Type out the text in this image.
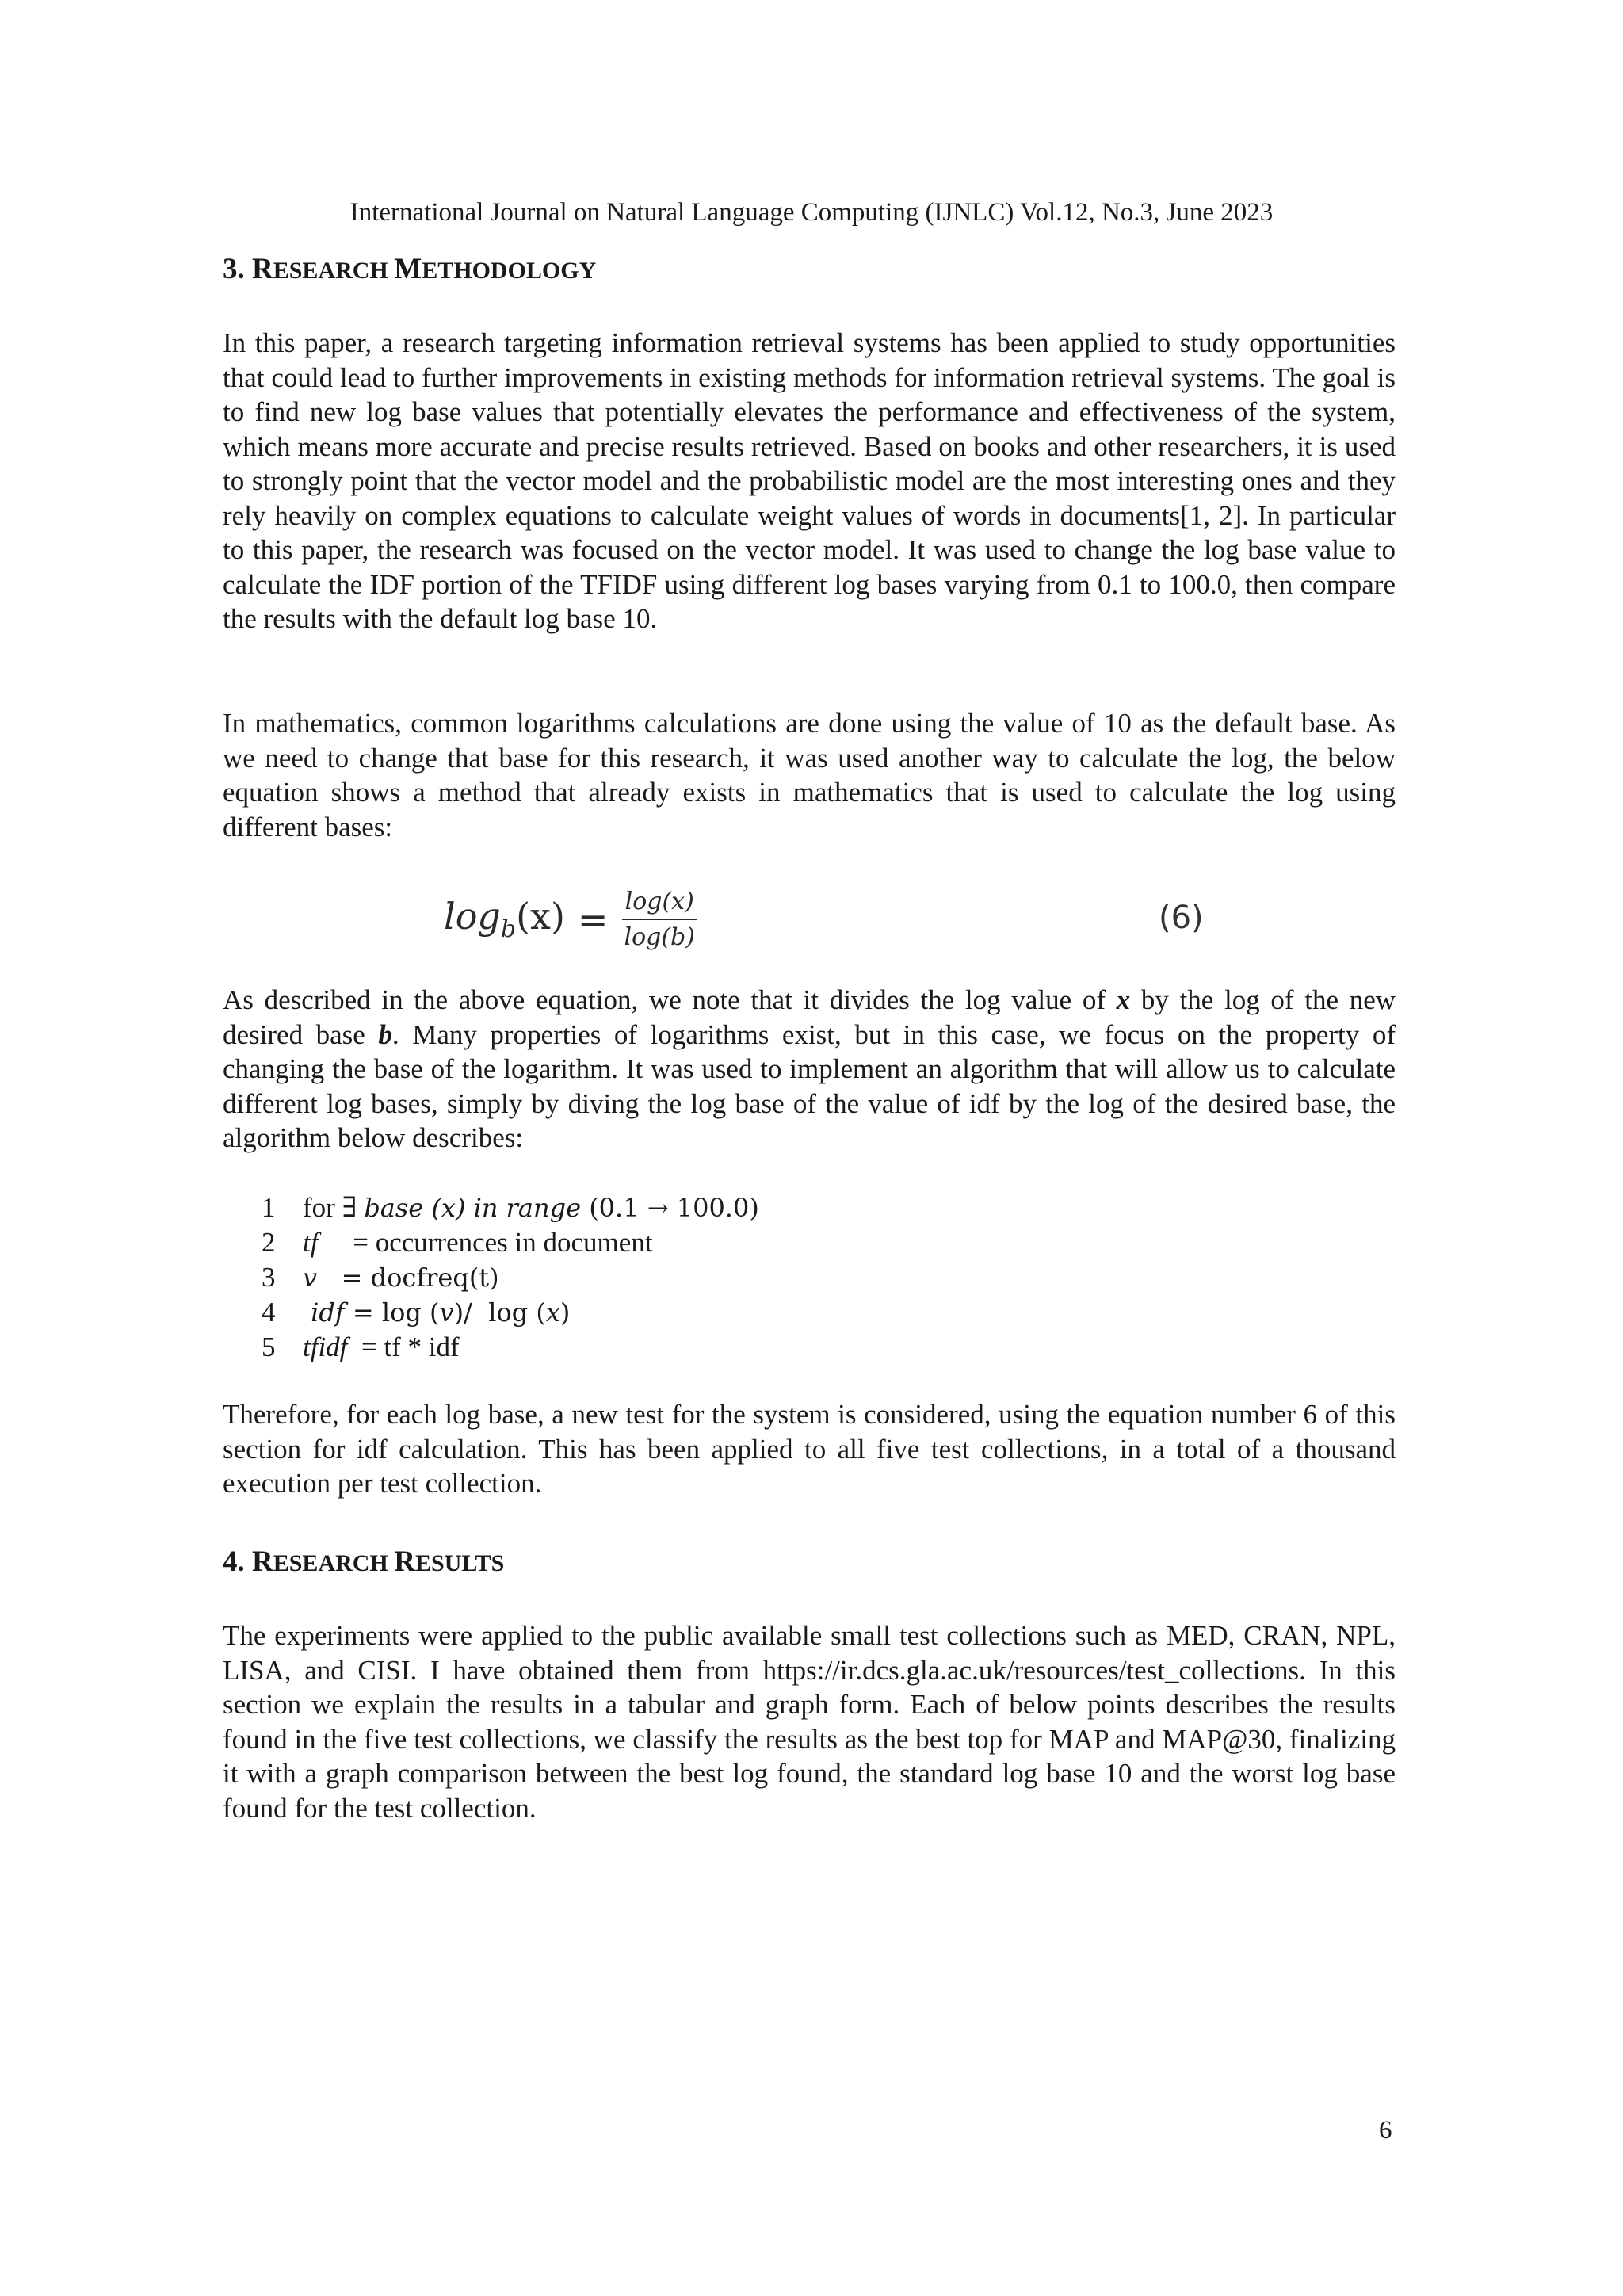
International Journal on Natural Language Computing (IJNLC) Vol.12, No.3, June 2023
3. RESEARCH METHODOLOGY

In this paper, a research targeting information retrieval systems has been applied to study opportunities that could lead to further improvements in existing methods for information retrieval systems. The goal is to find new log base values that potentially elevates the performance and effectiveness of the system, which means more accurate and precise results retrieved. Based on books and other researchers, it is used to strongly point that the vector model and the probabilistic model are the most interesting ones and they rely heavily on complex equations to calculate weight values of words in documents[1, 2]. In particular to this paper, the research was focused on the vector model. It was used to change the log base value to calculate the IDF portion of the TFIDF using different log bases varying from 0.1 to 100.0, then compare the results with the default log base 10.

In mathematics, common logarithms calculations are done using the value of 10 as the default base. As we need to change that base for this research, it was used another way to calculate the log, the below equation shows a method that already exists in mathematics that is used to calculate the log using different bases:

$\log_b(x) = \frac{\log(x)}{\log(b)}$	(6)

As described in the above equation, we note that it divides the log value of x by the log of the new desired base b. Many properties of logarithms exist, but in this case, we focus on the property of changing the base of the logarithm. It was used to implement an algorithm that will allow us to calculate different log bases, simply by diving the log base of the value of idf by the log of the desired base, the algorithm below describes:

1 for ∃ base (x) in range (0.1 → 100.0)
2 tf = occurrences in document
3	v   = docfreq(t)
4	idf = log (v)/  log (x)
5 tfidf = tf * idf

Therefore, for each log base, a new test for the system is considered, using the equation number 6 of this section for idf calculation. This has been applied to all five test collections, in a total of a thousand execution per test collection.

4. RESEARCH RESULTS

The experiments were applied to the public available small test collections such as MED, CRAN, NPL, LISA, and CISI. I have obtained them from https://ir.dcs.gla.ac.uk/resources/test_collections. In this section we explain the results in a tabular and graph form. Each of below points describes the results found in the five test collections, we classify the results as the best top for MAP and MAP@30, finalizing it with a graph comparison between the best log found, the standard log base 10 and the worst log base found for the test collection.

6
